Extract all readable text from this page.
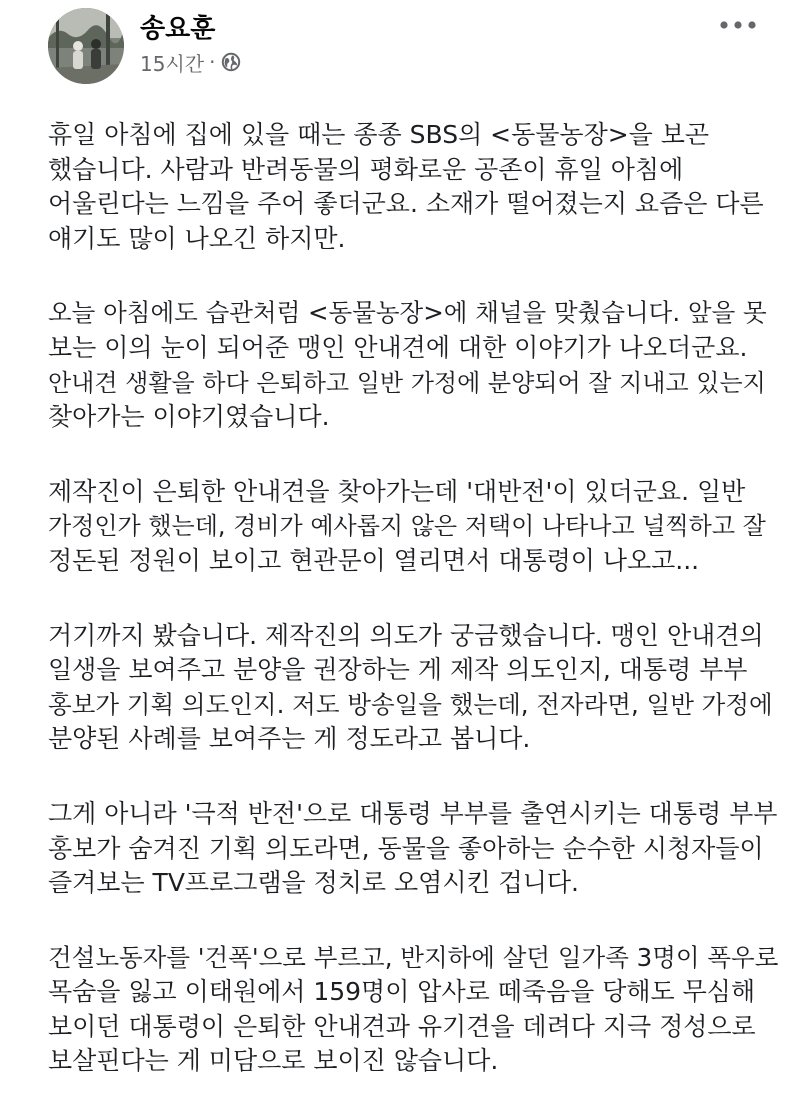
송요훈
15시간 ·

휴일 아침에 집에 있을 때는 종종 SBS의 <동물농장>을 보곤
했습니다. 사람과 반려동물의 평화로운 공존이 휴일 아침에
어울린다는 느낌을 주어 좋더군요. 소재가 떨어졌는지 요즘은 다른
얘기도 많이 나오긴 하지만.

오늘 아침에도 습관처럼 <동물농장>에 채널을 맞췄습니다. 앞을 못
보는 이의 눈이 되어준 맹인 안내견에 대한 이야기가 나오더군요.
안내견 생활을 하다 은퇴하고 일반 가정에 분양되어 잘 지내고 있는지
찾아가는 이야기였습니다.

제작진이 은퇴한 안내견을 찾아가는데 '대반전'이 있더군요. 일반
가정인가 했는데, 경비가 예사롭지 않은 저택이 나타나고 널찍하고 잘
정돈된 정원이 보이고 현관문이 열리면서 대통령이 나오고...

거기까지 봤습니다. 제작진의 의도가 궁금했습니다. 맹인 안내견의
일생을 보여주고 분양을 권장하는 게 제작 의도인지, 대통령 부부
홍보가 기획 의도인지. 저도 방송일을 했는데, 전자라면, 일반 가정에
분양된 사례를 보여주는 게 정도라고 봅니다.

그게 아니라 '극적 반전'으로 대통령 부부를 출연시키는 대통령 부부
홍보가 숨겨진 기획 의도라면, 동물을 좋아하는 순수한 시청자들이
즐겨보는 TV프로그램을 정치로 오염시킨 겁니다.

건설노동자를 '건폭'으로 부르고, 반지하에 살던 일가족 3명이 폭우로
목숨을 잃고 이태원에서 159명이 압사로 떼죽음을 당해도 무심해
보이던 대통령이 은퇴한 안내견과 유기견을 데려다 지극 정성으로
보살핀다는 게 미담으로 보이진 않습니다.
